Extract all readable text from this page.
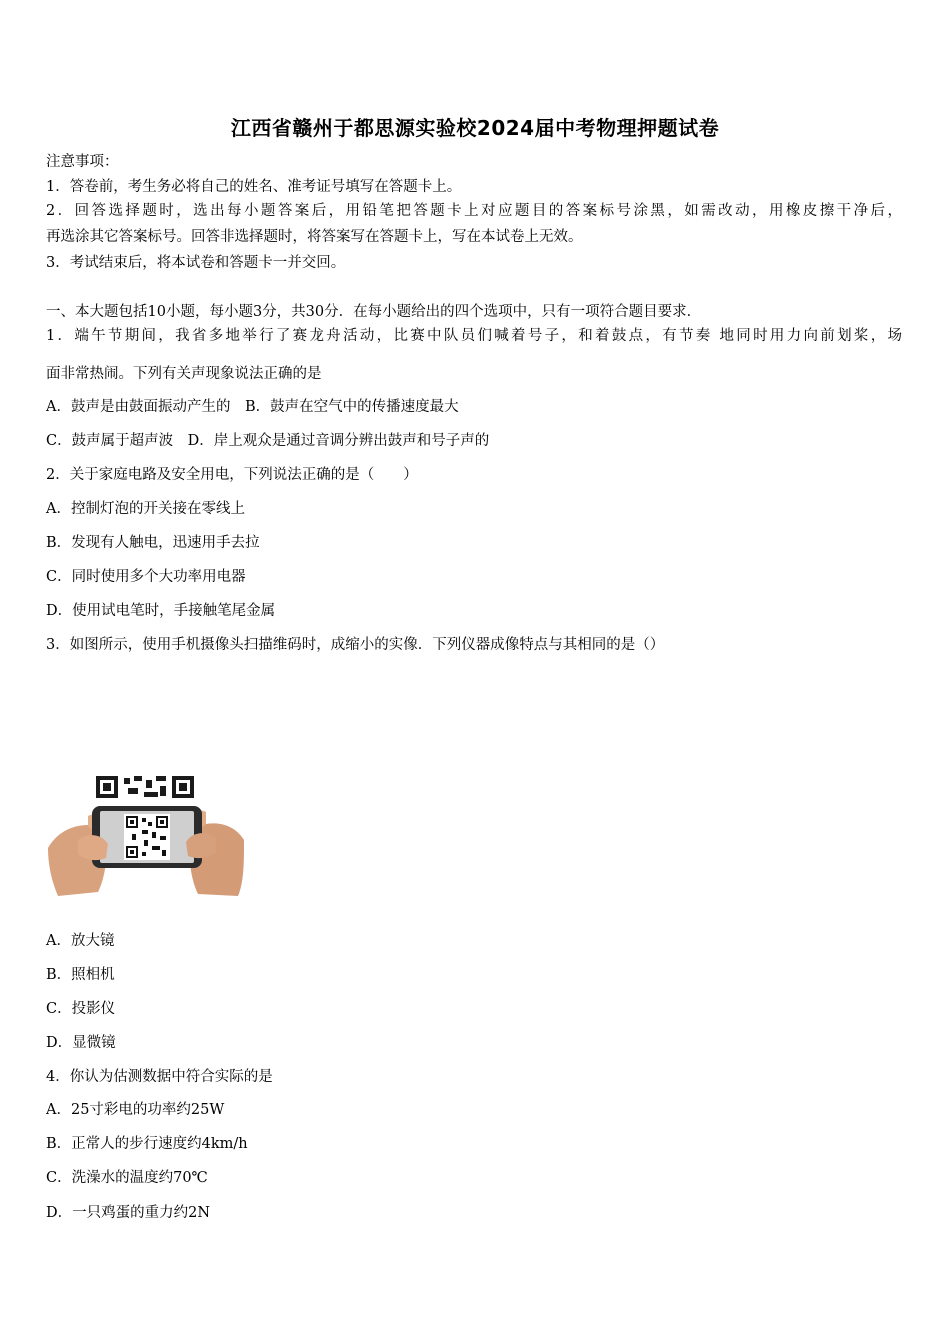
江西省赣州于都思源实验校2024届中考物理押题试卷
注意事项：
1．答卷前，考生务必将自己的姓名、准考证号填写在答题卡上。
2．回答选择题时，选出每小题答案后，用铅笔把答题卡上对应题目的答案标号涂黑，如需改动，用橡皮擦干净后，
再选涂其它答案标号。回答非选择题时，将答案写在答题卡上，写在本试卷上无效。
3．考试结束后，将本试卷和答题卡一并交回。
一、本大题包括10小题，每小题3分，共30分．在每小题给出的四个选项中，只有一项符合题目要求．
1．端午节期间，我省多地举行了赛龙舟活动，比赛中队员们喊着号子，和着鼓点，有节奏 地同时用力向前划桨，场
面非常热闹。下列有关声现象说法正确的是
A．鼓声是由鼓面振动产生的　B．鼓声在空气中的传播速度最大
C．鼓声属于超声波　D．岸上观众是通过音调分辨出鼓声和号子声的
2．关于家庭电路及安全用电，下列说法正确的是（　　）
A．控制灯泡的开关接在零线上
B．发现有人触电，迅速用手去拉
C．同时使用多个大功率用电器
D．使用试电笔时，手接触笔尾金属
3．如图所示，使用手机摄像头扫描维码时，成缩小的实像．下列仪器成像特点与其相同的是（）
A．放大镜
B．照相机
C．投影仪
D．显微镜
4．你认为估测数据中符合实际的是
A．25寸彩电的功率约25W
B．正常人的步行速度约4km/h
C．洗澡水的温度约70℃
D．一只鸡蛋的重力约2N
